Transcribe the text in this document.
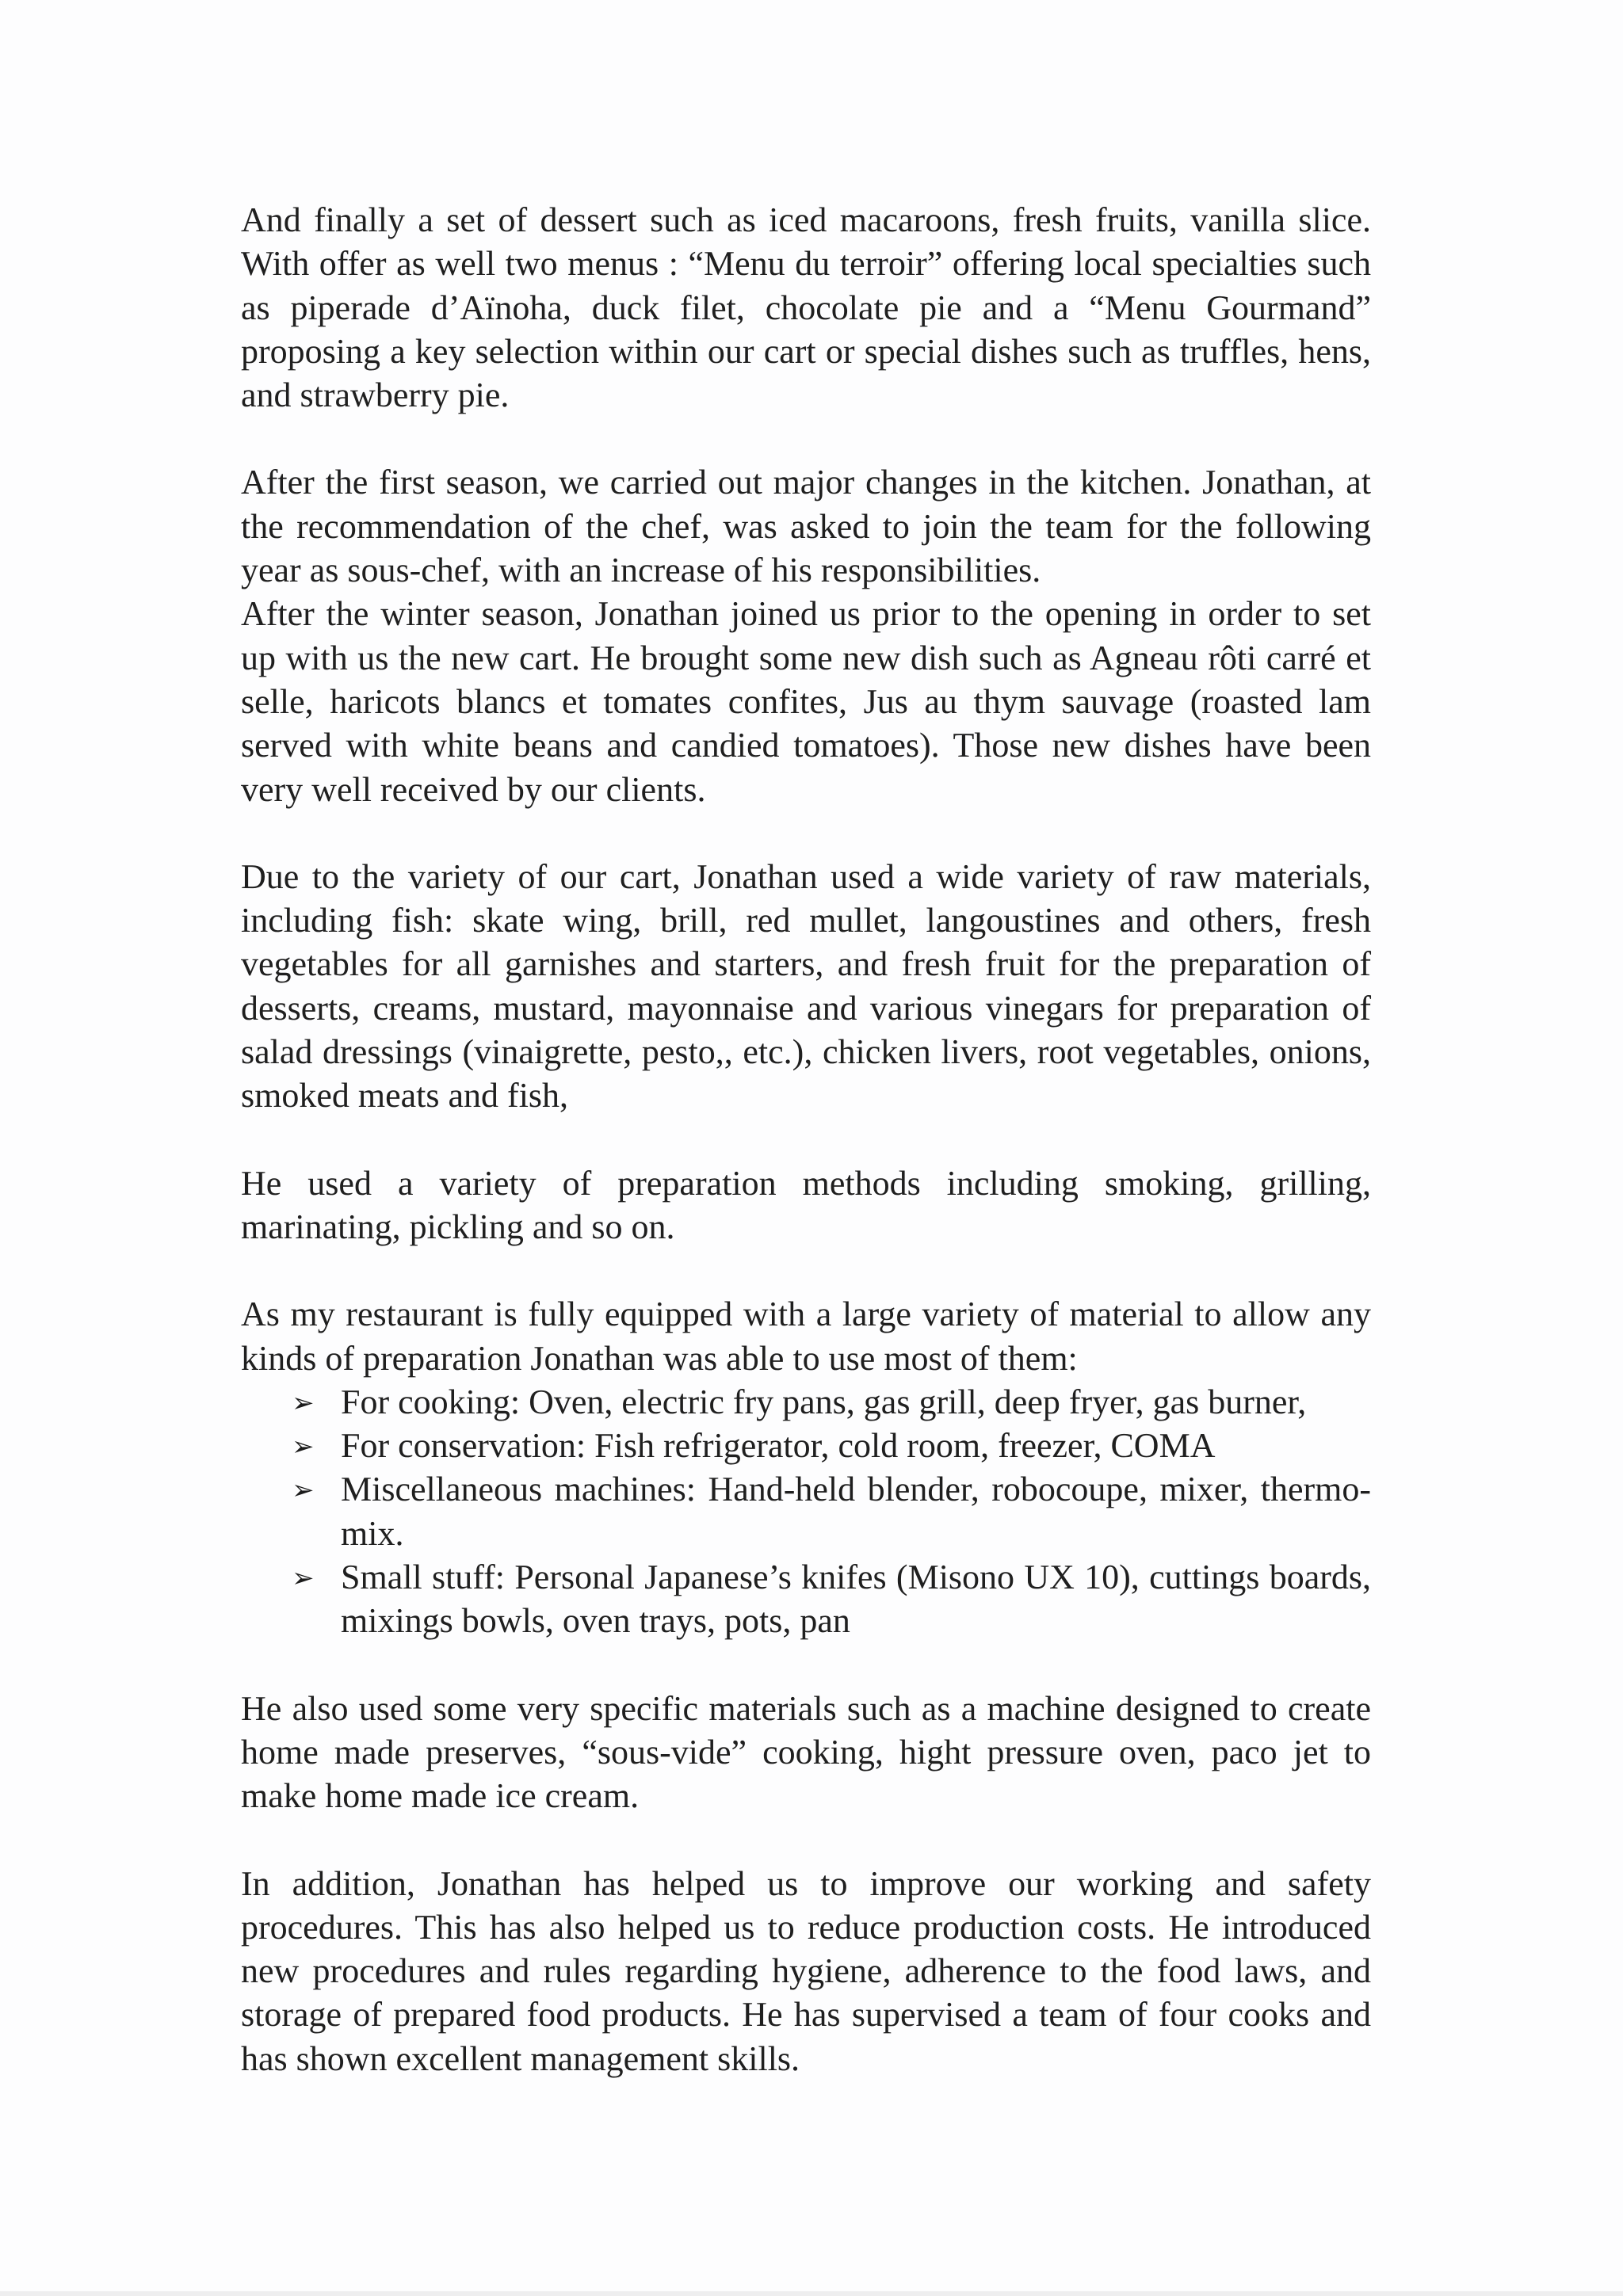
And finally a set of dessert such as iced macaroons, fresh fruits, vanilla slice. With offer as well two menus : “Menu du terroir” offering local specialties such as piperade d’Aïnoha, duck filet, chocolate pie and a “Menu Gourmand” proposing a key selection within our cart or special dishes such as truffles, hens, and strawberry pie.

After the first season, we carried out major changes in the kitchen. Jonathan, at the recommendation of the chef, was asked to join the team for the following year as sous-chef, with an increase of his responsibilities.

After the winter season, Jonathan joined us prior to the opening in order to set up with us the new cart. He brought some new dish such as Agneau rôti carré et selle, haricots blancs et tomates confites, Jus au thym sauvage (roasted lam served with white beans and candied tomatoes). Those new dishes have been very well received by our clients.

Due to the variety of our cart, Jonathan used a wide variety of raw materials, including fish: skate wing, brill, red mullet, langoustines and others, fresh vegetables for all garnishes and starters, and fresh fruit for the preparation of desserts, creams, mustard, mayonnaise and various vinegars for preparation of salad dressings (vinaigrette, pesto,, etc.), chicken livers, root vegetables, onions, smoked meats and fish,

He used a variety of preparation methods including smoking, grilling, marinating, pickling and so on.

As my restaurant is fully equipped with a large variety of material to allow any kinds of preparation Jonathan was able to use most of them:

➢ For cooking: Oven, electric fry pans, gas grill, deep fryer, gas burner,
➢ For conservation: Fish refrigerator, cold room, freezer, COMA
➢ Miscellaneous machines: Hand-held blender, robocoupe, mixer, thermo-mix.
➢ Small stuff: Personal Japanese’s knifes (Misono UX 10), cuttings boards, mixings bowls, oven trays, pots, pan

He also used some very specific materials such as a machine designed to create home made preserves, “sous-vide” cooking, hight pressure oven, paco jet to make home made ice cream.

In addition, Jonathan has helped us to improve our working and safety procedures. This has also helped us to reduce production costs. He introduced new procedures and rules regarding hygiene, adherence to the food laws, and storage of prepared food products. He has supervised a team of four cooks and has shown excellent management skills.
